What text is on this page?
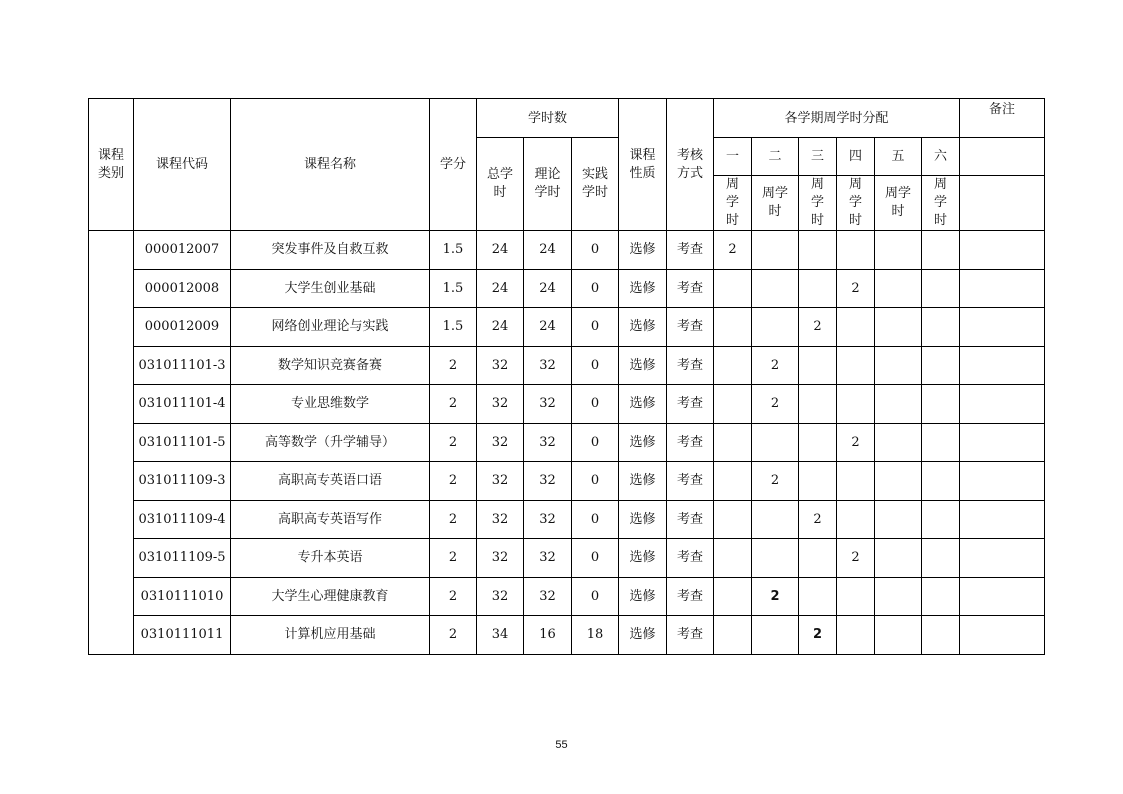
课程类别	课程代码	课程名称	学分	学时数			课程性质	考核方式	各学期周学时分配						备注
				总学时	理论学时	实践学时			一	二	三	四	五	六	
									周学时	周学时	周学时	周学时	周学时	周学时	
	000012007	突发事件及自救互救	1.5	24	24	0	选修	考查	2						
	000012008	大学生创业基础	1.5	24	24	0	选修	考查				2			
	000012009	网络创业理论与实践	1.5	24	24	0	选修	考查			2				
	031011101-3	数学知识竞赛备赛	2	32	32	0	选修	考查		2					
	031011101-4	专业思维数学	2	32	32	0	选修	考查		2					
	031011101-5	高等数学（升学辅导）	2	32	32	0	选修	考查				2			
	031011109-3	高职高专英语口语	2	32	32	0	选修	考查		2					
	031011109-4	高职高专英语写作	2	32	32	0	选修	考查			2				
	031011109-5	专升本英语	2	32	32	0	选修	考查				2			
	0310111010	大学生心理健康教育	2	32	32	0	选修	考查		2					
	0310111011	计算机应用基础	2	34	16	18	选修	考查			2				
55
